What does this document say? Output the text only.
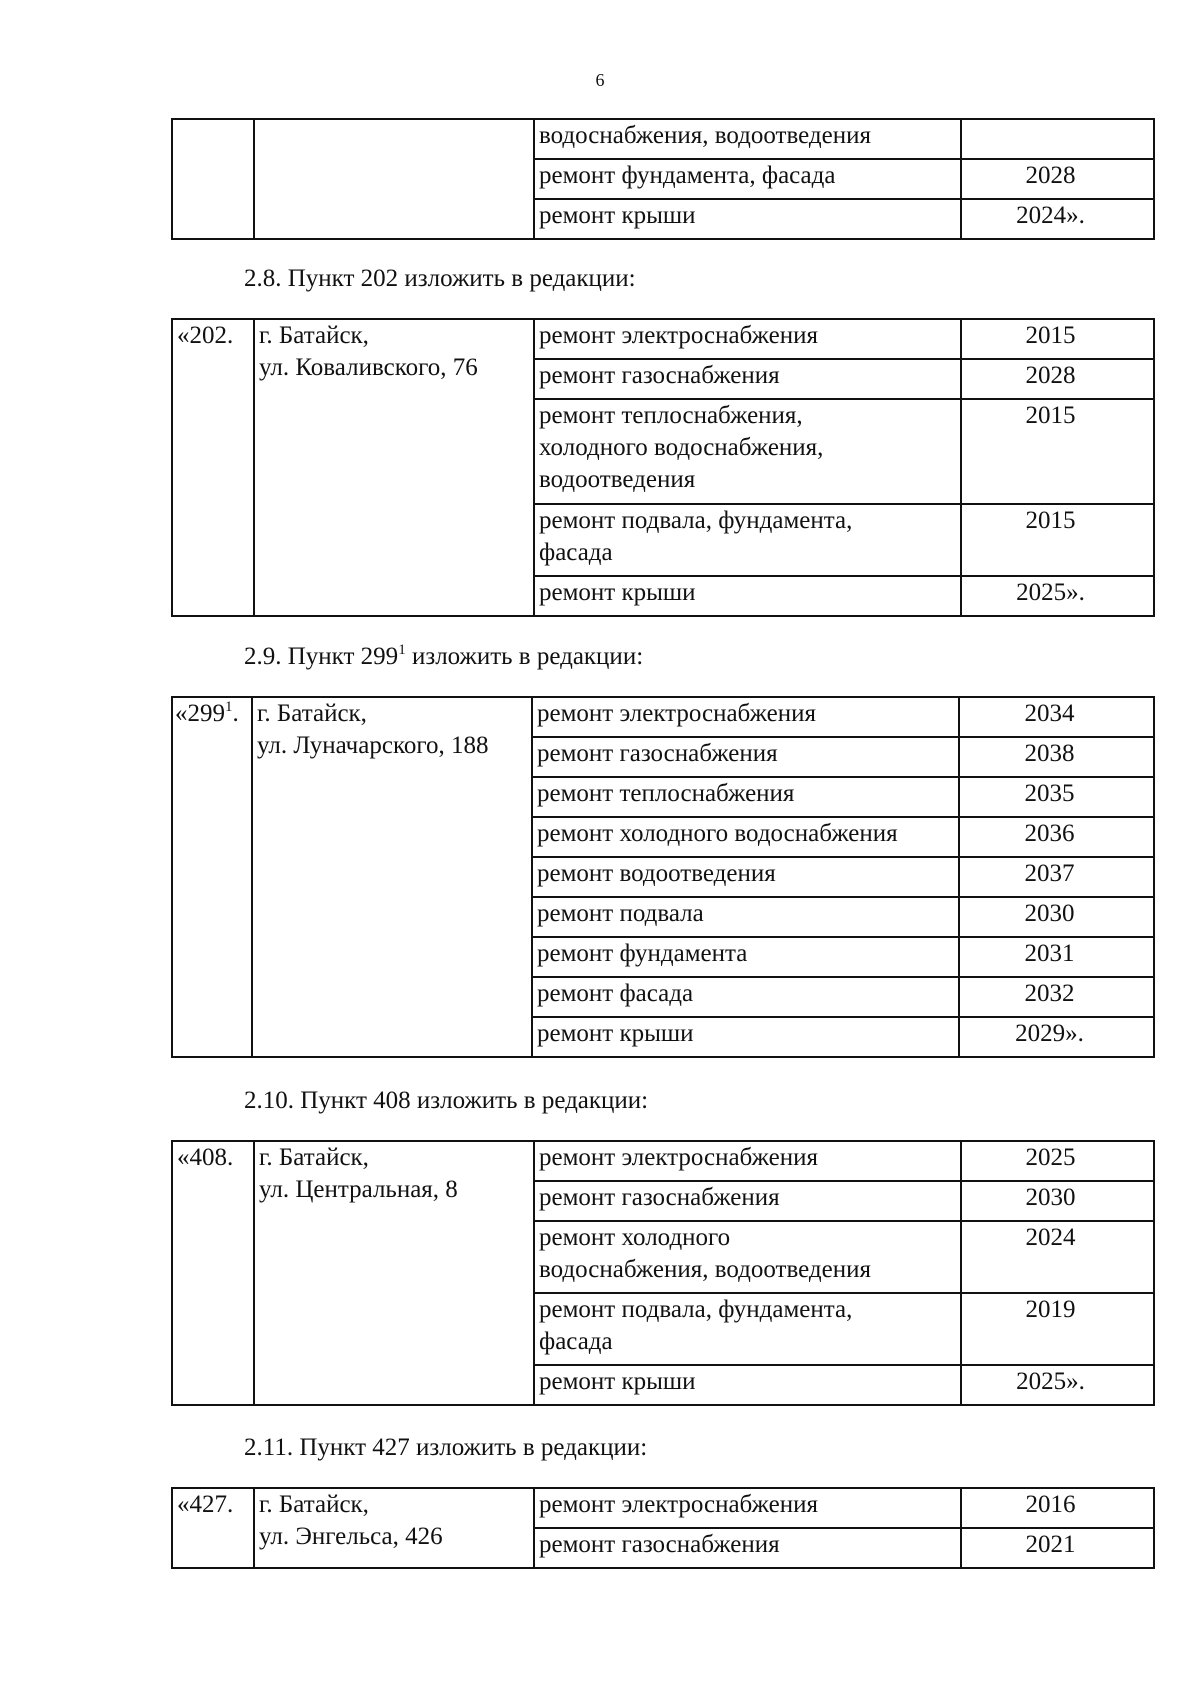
6
		водоснабжения, водоотведения	
		ремонт фундамента, фасада	2028
		ремонт крыши	2024».
2.8. Пункт 202 изложить в редакции:
«202.	г. Батайск,
ул. Коваливского, 76	ремонт электроснабжения	2015
		ремонт газоснабжения	2028

		ремонт теплоснабжения,
холодного водоснабжения,
водоотведения	2015

		ремонт подвала, фундамента,
фасада	2015
		ремонт крыши	2025».
2.9. Пункт $299^1$ изложить в редакции:
«$299^1$.	г. Батайск,
ул. Луначарского, 188	ремонт электроснабжения	2034
		ремонт газоснабжения	2038
		ремонт теплоснабжения	2035
		ремонт холодного водоснабжения	2036
		ремонт водоотведения	2037
		ремонт подвала	2030
		ремонт фундамента	2031
		ремонт фасада	2032
		ремонт крыши	2029».
2.10. Пункт 408 изложить в редакции:
«408.	г. Батайск,
ул. Центральная, 8	ремонт электроснабжения	2025
		ремонт газоснабжения	2030

		ремонт холодного
водоснабжения, водоотведения	2024

		ремонт подвала, фундамента,
фасада	2019
		ремонт крыши	2025».
2.11. Пункт 427 изложить в редакции:
«427.	г. Батайск,
ул. Энгельса, 426	ремонт электроснабжения	2016
		ремонт газоснабжения	2021
